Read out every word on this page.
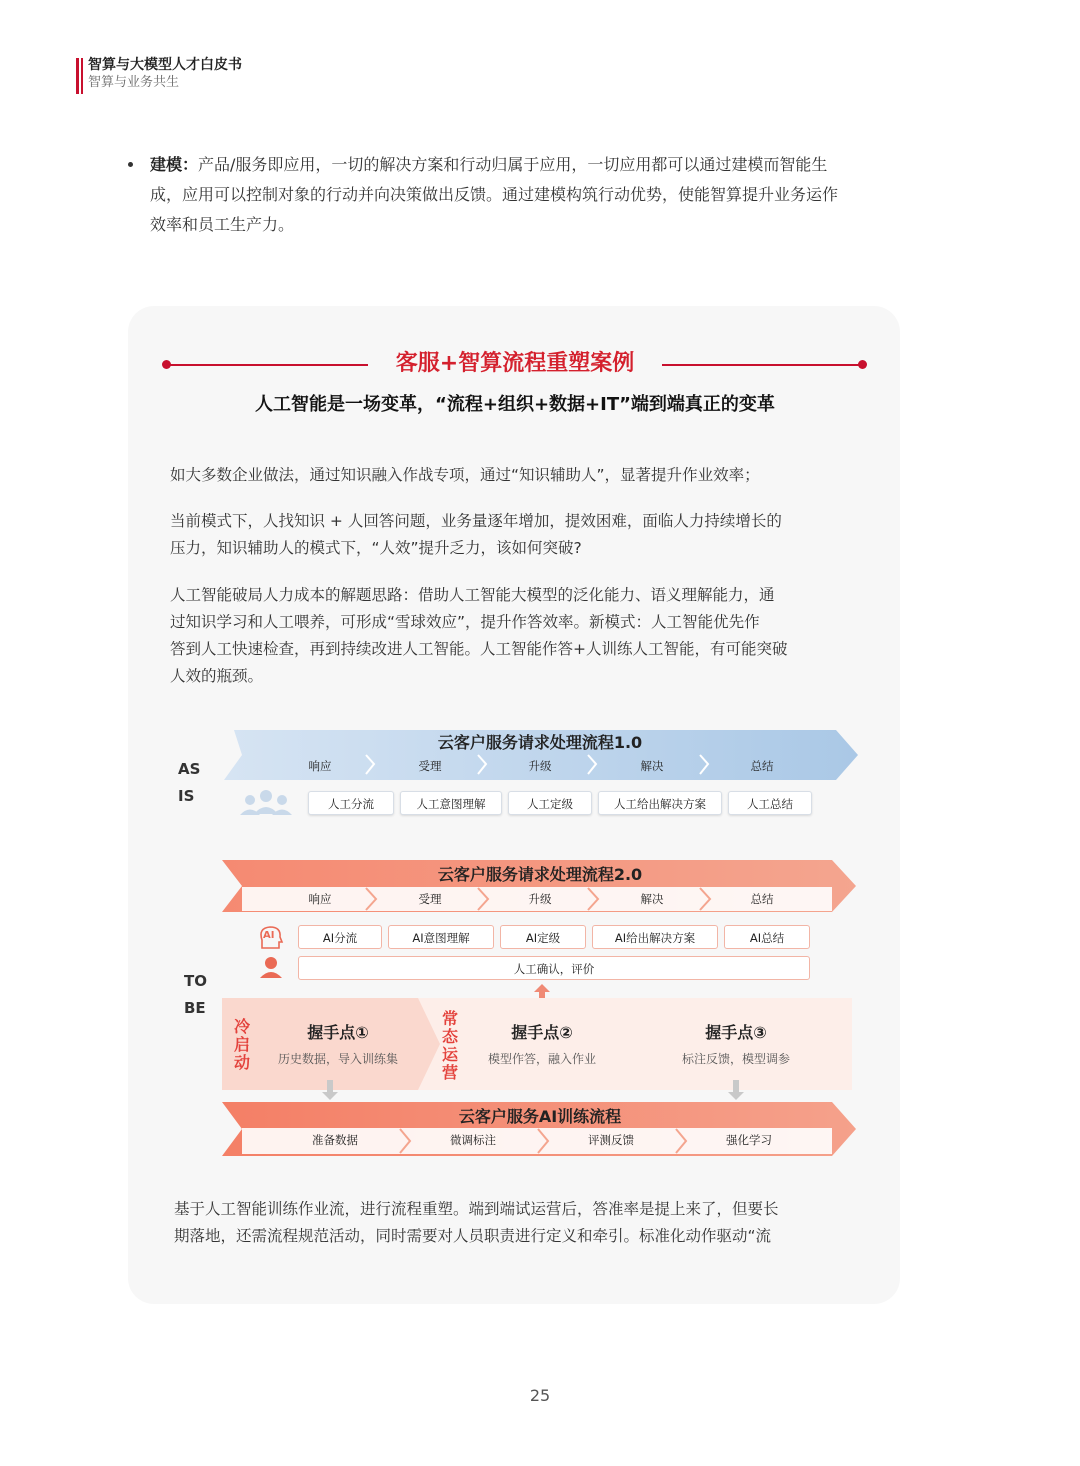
智算与大模型人才白皮书
智算与业务共生

建模：产品/服务即应用，一切的解决方案和行动归属于应用，一切应用都可以通过建模而智能生

成，应用可以控制对象的行动并向决策做出反馈。通过建模构筑行动优势，使能智算提升业务运作

效率和员工生产力。

客服+智算流程重塑案例
人工智能是一场变革，“流程+组织+数据+IT”端到端真正的变革
如大多数企业做法，通过知识融入作战专项，通过“知识辅助人”，显著提升作业效率；
当前模式下，人找知识 + 人回答问题，业务量逐年增加，提效困难，面临人力持续增长的
压力，知识辅助人的模式下，“人效”提升乏力，该如何突破?
人工智能破局人力成本的解题思路：借助人工智能大模型的泛化能力、语义理解能力，通
过知识学习和人工喂养，可形成“雪球效应”，提升作答效率。新模式：人工智能优先作
答到人工快速检查，再到持续改进人工智能。人工智能作答+人训练人工智能，有可能突破
人效的瓶颈。
AS
IS
云客户服务请求处理流程1.0
响应	受理	升级	解决	总结
人工分流	人工意图理解	人工定级	人工给出解决方案	人工总结
云客户服务请求处理流程2.0
响应	受理	升级	解决	总结
AI	AI分流	AI意图理解	AI定级	AI给出解决方案	AI总结
人工确认，评价
TO
BE
冷启动
常态运营
握手点①
历史数据，导入训练集
握手点②
模型作答，融入作业
握手点③
标注反馈，模型调参
云客户服务AI训练流程
准备数据	微调标注	评测反馈	强化学习
基于人工智能训练作业流，进行流程重塑。端到端试运营后，答准率是提上来了，但要长
期落地，还需流程规范活动，同时需要对人员职责进行定义和牵引。标准化动作驱动“流
25
